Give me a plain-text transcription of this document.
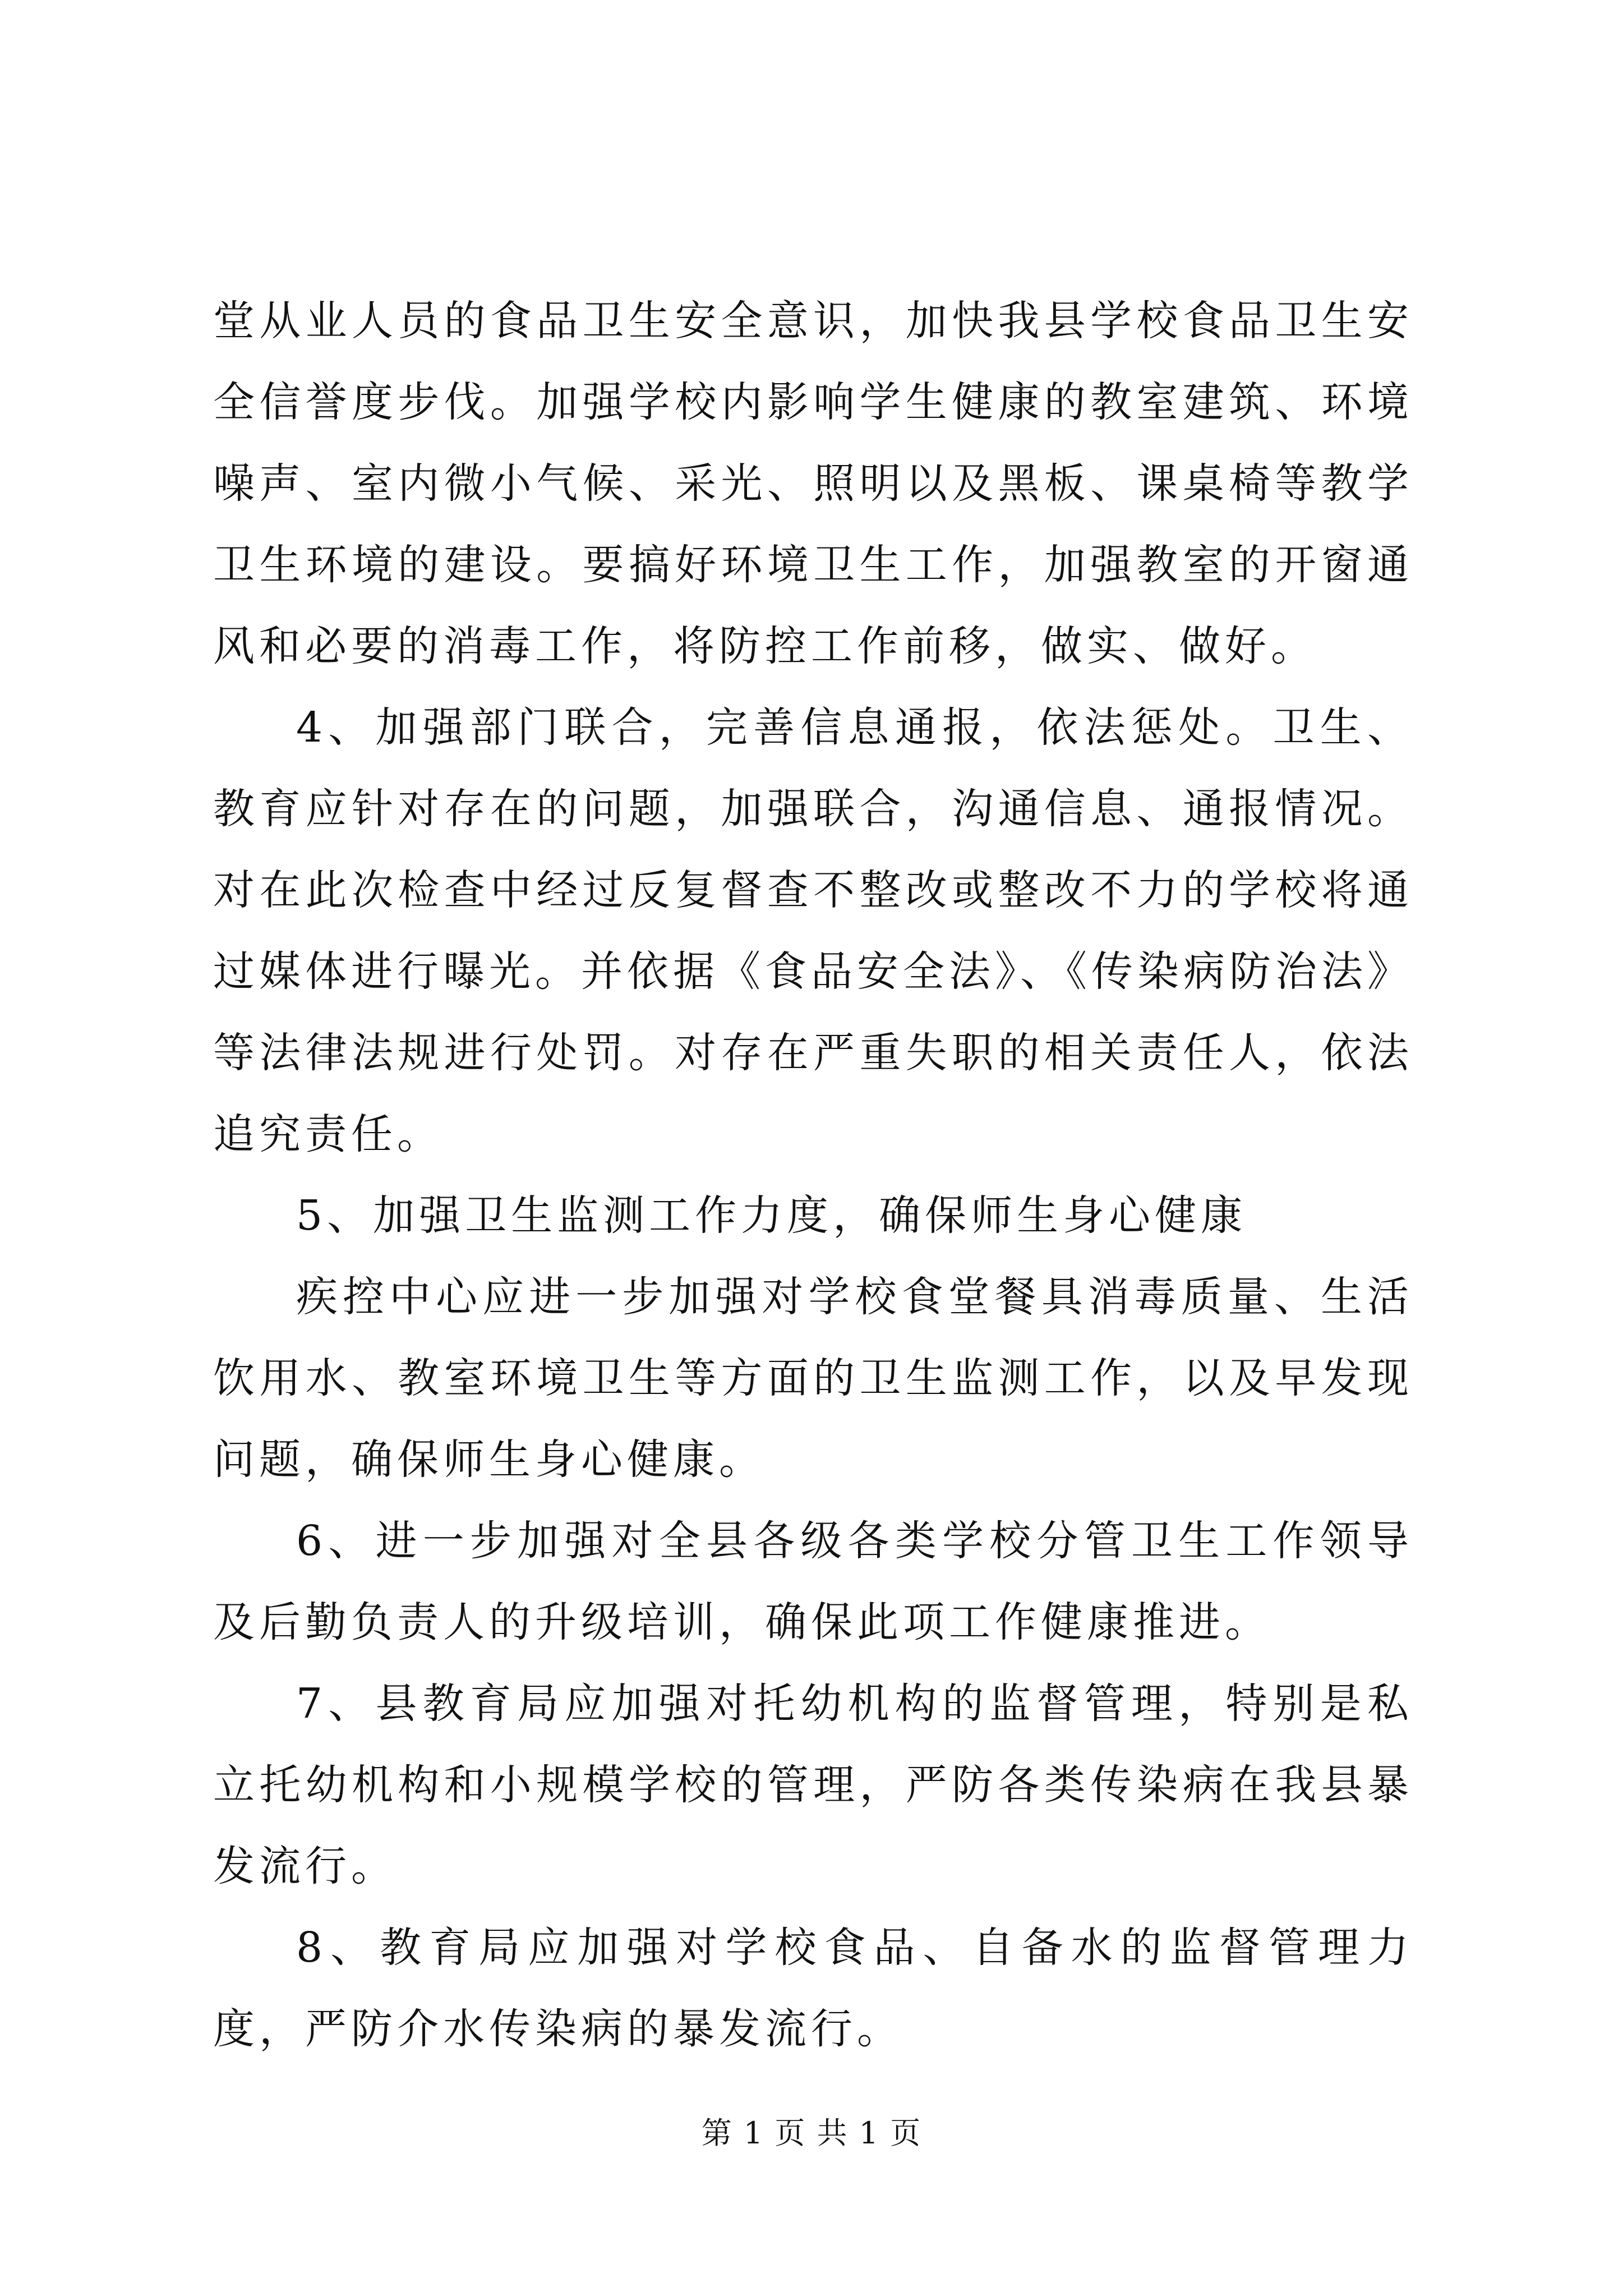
堂从业人员的食品卫生安全意识，加快我县学校食品卫生安全信誉度步伐。加强学校内影响学生健康的教室建筑、环境噪声、室内微小气候、采光、照明以及黑板、课桌椅等教学卫生环境的建设。要搞好环境卫生工作，加强教室的开窗通风和必要的消毒工作，将防控工作前移，做实、做好。

4、加强部门联合，完善信息通报，依法惩处。卫生、教育应针对存在的问题，加强联合，沟通信息、通报情况。对在此次检查中经过反复督查不整改或整改不力的学校将通过媒体进行曝光。并依据《食品安全法》、《传染病防治法》等法律法规进行处罚。对存在严重失职的相关责任人，依法追究责任。

5、加强卫生监测工作力度，确保师生身心健康

疾控中心应进一步加强对学校食堂餐具消毒质量、生活饮用水、教室环境卫生等方面的卫生监测工作，以及早发现问题，确保师生身心健康。

6、进一步加强对全县各级各类学校分管卫生工作领导及后勤负责人的升级培训，确保此项工作健康推进。

7、县教育局应加强对托幼机构的监督管理，特别是私立托幼机构和小规模学校的管理，严防各类传染病在我县暴发流行。

8、教育局应加强对学校食品、自备水的监督管理力度，严防介水传染病的暴发流行。

第 1 页 共 1 页
